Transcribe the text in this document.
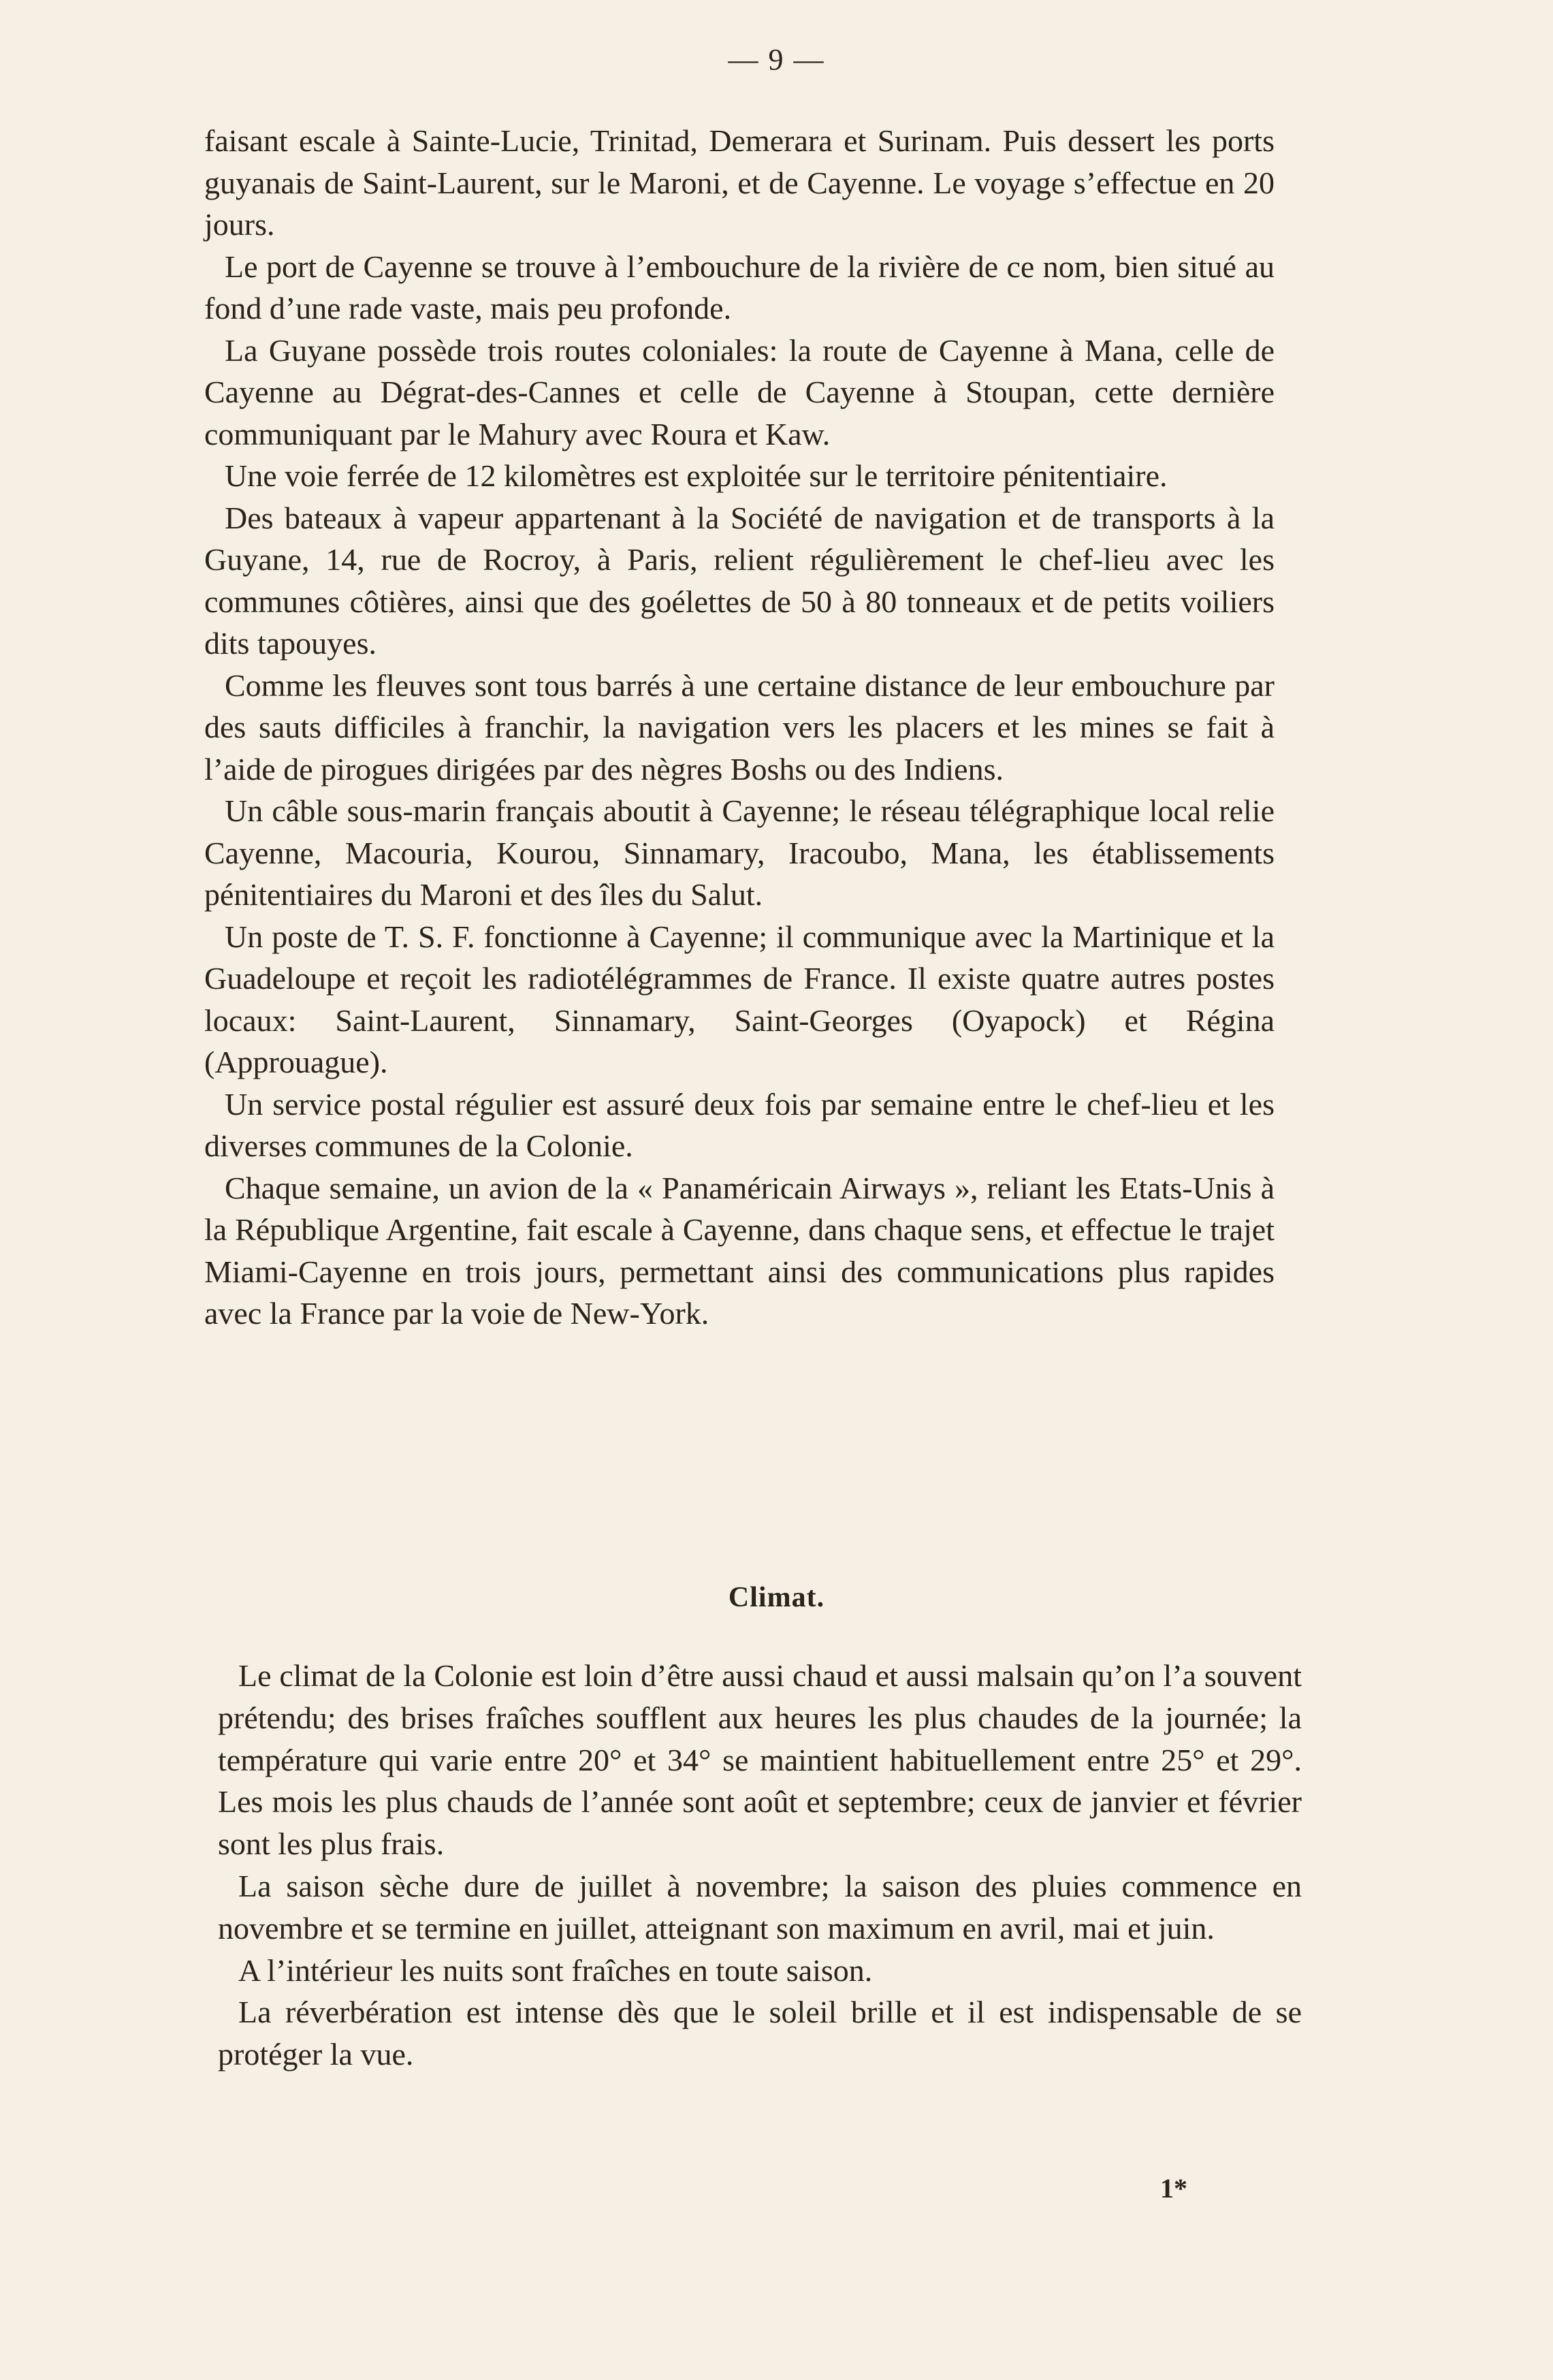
— 9 —

faisant escale à Sainte-Lucie, Trinitad, Demerara et Surinam. Puis dessert les ports guyanais de Saint-Laurent, sur le Maroni, et de Cayenne. Le voyage s’effectue en 20 jours.

Le port de Cayenne se trouve à l’embouchure de la rivière de ce nom, bien situé au fond d’une rade vaste, mais peu profonde.

La Guyane possède trois routes coloniales: la route de Cayenne à Mana, celle de Cayenne au Dégrat-des-Cannes et celle de Cayenne à Stoupan, cette dernière communiquant par le Mahury avec Roura et Kaw.

Une voie ferrée de 12 kilomètres est exploitée sur le territoire pénitentiaire.

Des bateaux à vapeur appartenant à la Société de navigation et de transports à la Guyane, 14, rue de Rocroy, à Paris, relient régulièrement le chef-lieu avec les communes côtières, ainsi que des goélettes de 50 à 80 tonneaux et de petits voiliers dits tapouyes.

Comme les fleuves sont tous barrés à une certaine distance de leur embouchure par des sauts difficiles à franchir, la navigation vers les placers et les mines se fait à l’aide de pirogues dirigées par des nègres Boshs ou des Indiens.

Un câble sous-marin français aboutit à Cayenne; le réseau télégraphique local relie Cayenne, Macouria, Kourou, Sinnamary, Iracoubo, Mana, les établissements pénitentiaires du Maroni et des îles du Salut.

Un poste de T. S. F. fonctionne à Cayenne; il communique avec la Martinique et la Guadeloupe et reçoit les radiotélégrammes de France. Il existe quatre autres postes locaux: Saint-Laurent, Sinnamary, Saint-Georges (Oyapock) et Régina (Approuague).

Un service postal régulier est assuré deux fois par semaine entre le chef-lieu et les diverses communes de la Colonie.

Chaque semaine, un avion de la « Panaméricain Airways », reliant les Etats-Unis à la République Argentine, fait escale à Cayenne, dans chaque sens, et effectue le trajet Miami-Cayenne en trois jours, permettant ainsi des communications plus rapides avec la France par la voie de New-York.

Climat.

Le climat de la Colonie est loin d’être aussi chaud et aussi malsain qu’on l’a souvent prétendu; des brises fraîches soufflent aux heures les plus chaudes de la journée; la température qui varie entre 20° et 34° se maintient habituellement entre 25° et 29°. Les mois les plus chauds de l’année sont août et septembre; ceux de janvier et février sont les plus frais.

La saison sèche dure de juillet à novembre; la saison des pluies commence en novembre et se termine en juillet, atteignant son maximum en avril, mai et juin.

A l’intérieur les nuits sont fraîches en toute saison.

La réverbération est intense dès que le soleil brille et il est indispensable de se protéger la vue.

1*
